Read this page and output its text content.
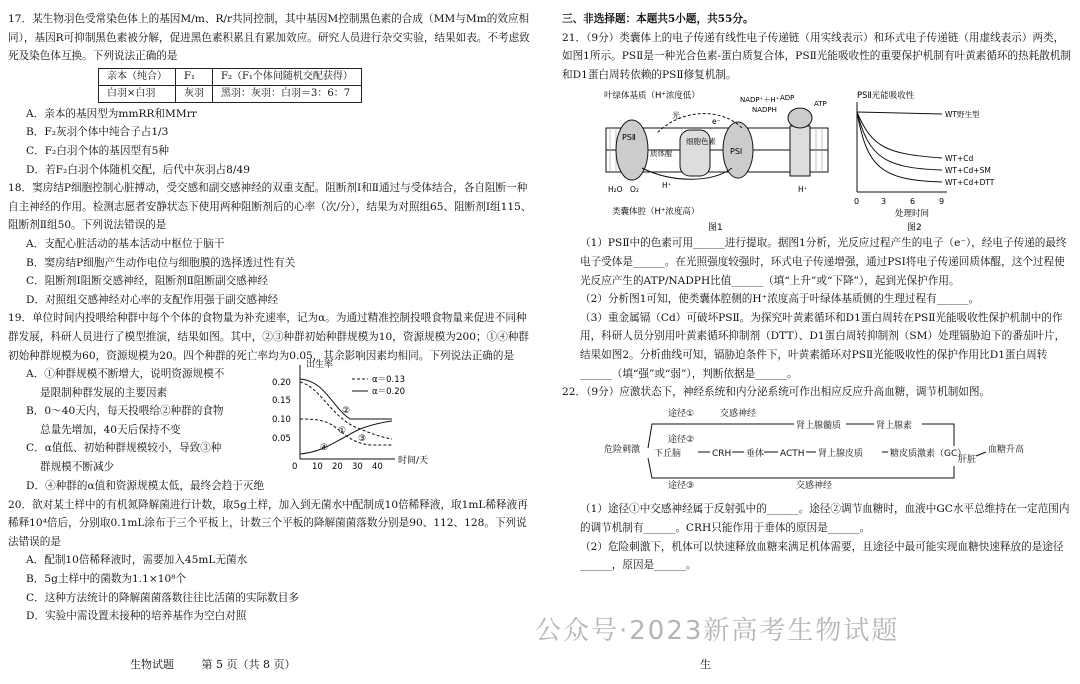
17．某生物羽色受常染色体上的基因M/m、R/r共同控制，其中基因M控制黑色素的合成（MM与Mm的效应相同），基因R可抑制黑色素被分解，促进黑色素积累且有累加效应。研究人员进行杂交实验，结果如表。不考虑致死及染色体互换。下列说法正确的是

亲本（纯合）	F₁	F₂（F₁个体间随机交配获得）
白羽×白羽	灰羽	黑羽：灰羽：白羽＝3：6：7

A．亲本的基因型为mmRR和MMrr

B．F₂灰羽个体中纯合子占1/3

C．F₂白羽个体的基因型有5种

D．若F₂白羽个体随机交配，后代中灰羽占8/49

18．窦房结P细胞控制心脏搏动，受交感和副交感神经的双重支配。阻断剂Ⅰ和Ⅱ通过与受体结合，各自阻断一种自主神经的作用。检测志愿者安静状态下使用两种阻断剂后的心率（次/分），结果为对照组65、阻断剂Ⅰ组115、阻断剂Ⅱ组50。下列说法错误的是

A．支配心脏活动的基本活动中枢位于脑干

B．窦房结P细胞产生动作电位与细胞膜的选择透过性有关

C．阻断剂Ⅰ阻断交感神经，阻断剂Ⅱ阻断副交感神经

D．对照组交感神经对心率的支配作用强于副交感神经

19．单位时间内投喂给种群中每个个体的食物量为补充速率，记为α。为通过精准控制投喂食物量来促进不同种群发展，科研人员进行了模型推演，结果如图。其中，②③种群初始种群规模为10，资源规模为200；①④种群初始种群规模为60，资源规模为20。四个种群的死亡率均为0.05，其余影响因素均相同。下列说法正确的是

A．①种群规模不断增大，说明资源规模不

是限制种群发展的主要因素

B．0～40天内，每天投喂给②种群的食物

总量先增加，40天后保持不变

C．α值低、初始种群规模较小，导致③种

群规模不断减少

出生率
时间/天
0.20
0.15
0.10
0.05
0 10 20 30 40
②
①
③
④
α＝0.13
α＝0.20

D．④种群的α值和资源规模太低，最终会趋于灭绝

20．欲对某土样中的有机氮降解菌进行计数，取5g土样，加入到无菌水中配制成10倍稀释液，取1mL稀释液再稀释10⁴倍后，分别取0.1mL涂布于三个平板上，计数三个平板的降解菌菌落数分别是90、112、128。下列说法错误的是

A．配制10倍稀释液时，需要加入45mL无菌水

B．5g土样中的菌数为1.1×10⁸个

C．这种方法统计的降解菌菌落数往往比活菌的实际数目多

D．实验中需设置未接种的培养基作为空白对照

生物试题	第 5 页（共 8 页）

三、非选择题：本题共5小题，共55分。

21．（9分）类囊体上的电子传递有线性电子传递链（用实线表示）和环式电子传递链（用虚线表示）两类，如图1所示。PSⅡ是一种光合色素-蛋白质复合体，PSⅡ光能吸收性的重要保护机制有叶黄素循环的热耗散机制和D1蛋白周转依赖的PSⅡ修复机制。

叶绿体基质（H⁺浓度低）
PSⅡ
质体醌
细胞色素
PSⅠ
光
NADP⁺＋H⁺
NADPH
ADP
ATP
H₂O O₂	H⁺	H⁺
e⁻
类囊体腔（H⁺浓度高）
图1
PSⅡ光能吸收性
0	3	6	9
处理时间
图2
WT野生型
WT+Cd
WT+Cd+SM
WT+Cd+DTT

（1）PSⅡ中的色素可用______进行提取。据图1分析，光反应过程产生的电子（e⁻），经电子传递的最终电子受体是______。在光照强度较强时，环式电子传递增强，通过PSⅠ将电子传递回质体醌，这个过程使光反应产生的ATP/NADPH比值______（填“上升”或“下降”），起到光保护作用。

（2）分析图1可知，使类囊体腔侧的H⁺浓度高于叶绿体基质侧的生理过程有______。

（3）重金属镉（Cd）可破坏PSⅡ。为探究叶黄素循环和D1蛋白周转在PSⅡ光能吸收性保护机制中的作用，科研人员分别用叶黄素循环抑制剂（DTT）、D1蛋白周转抑制剂（SM）处理镉胁迫下的番茄叶片，结果如图2。分析曲线可知，镉胁迫条件下，叶黄素循环对PSⅡ光能吸收性的保护作用比D1蛋白周转______（填“强”或“弱”），判断依据是______。

22．（9分）应激状态下，神经系统和内分泌系统可作出相应反应升高血糖，调节机制如图。

途径①	交感神经
肾上腺髓质	肾上腺素
危险刺激 下丘脑
途径②
CRH 垂体 ACTH 肾上腺皮质	糖皮质激素（GC）
肝脏
血糖升高
途径③	交感神经

（1）途径①中交感神经属于反射弧中的______。途径②调节血糖时，血液中GC水平总维持在一定范围内的调节机制有______。CRH只能作用于垂体的原因是______。

（2）危险刺激下，机体可以快速释放血糖来满足机体需要，且途径中最可能实现血糖快速释放的是途径______，原因是______。

生
公众号·2023新高考生物试题
